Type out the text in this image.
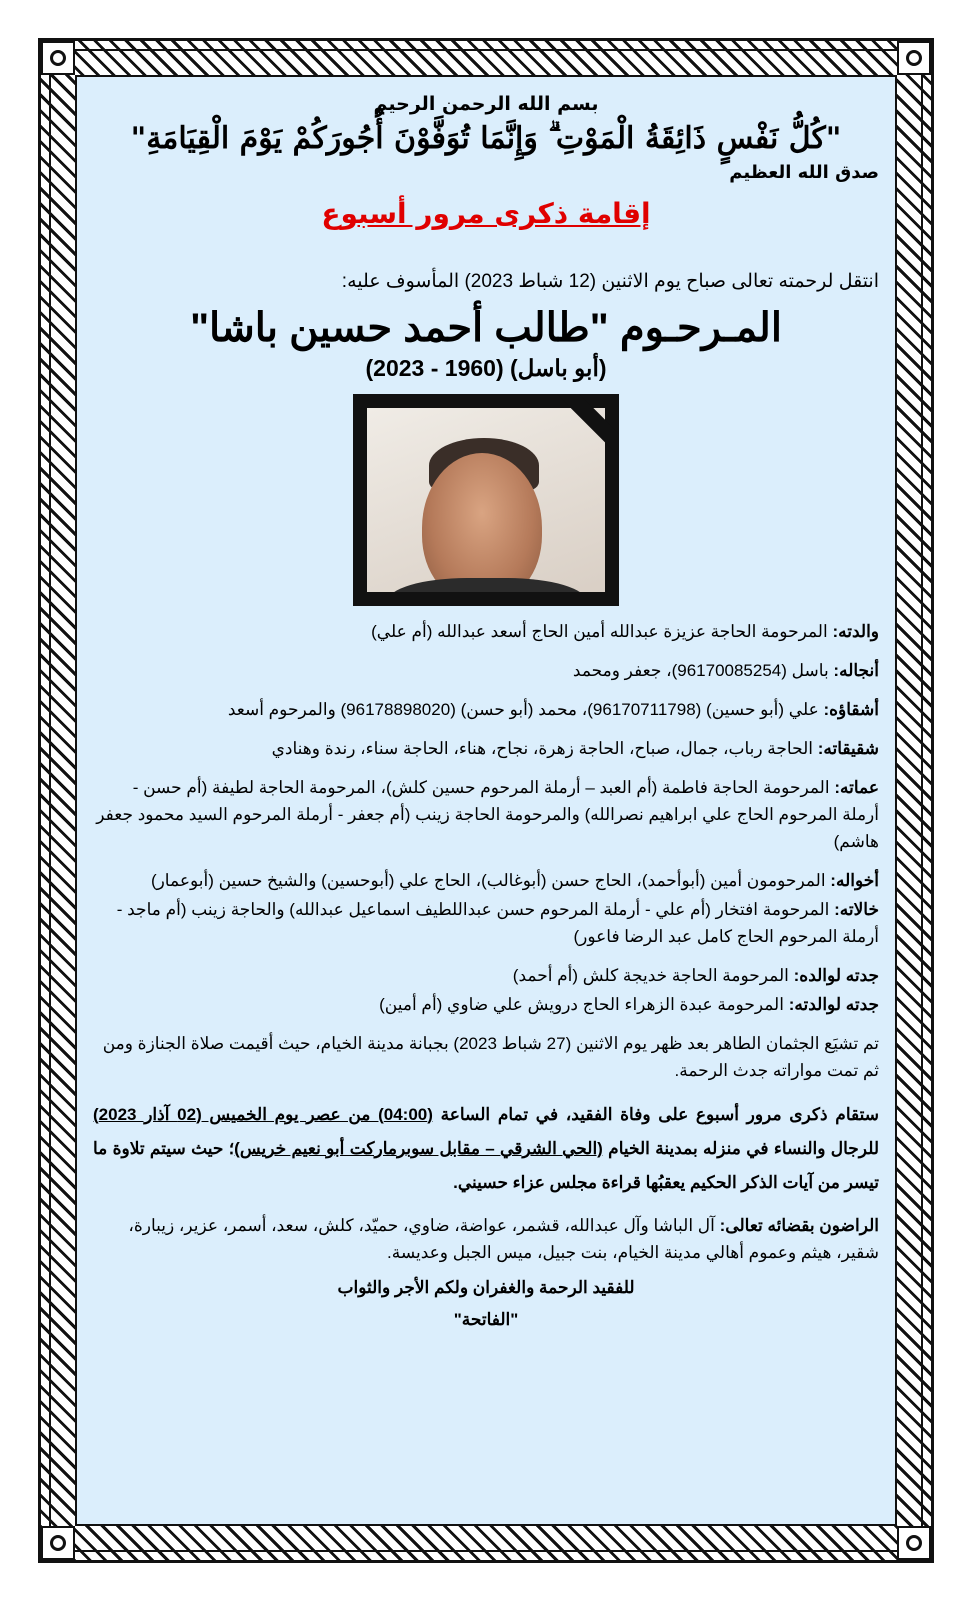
بسم الله الرحمن الرحيم
"كُلُّ نَفْسٍ ذَائِقَةُ الْمَوْتِ ۗ وَإِنَّمَا تُوَفَّوْنَ أُجُورَكُمْ يَوْمَ الْقِيَامَةِ"
صدق الله العظيم
إقامة ذكرى مرور أسبوع
انتقل لرحمته تعالى صباح يوم الاثنين (12 شباط 2023) المأسوف عليه:
المـرحـوم "طالب أحمد حسين باشا"
(أبو باسل) (1960 - 2023)
والدته: المرحومة الحاجة عزيزة عبدالله أمين الحاج أسعد عبدالله (أم علي)
أنجاله: باسل (96170085254)، جعفر ومحمد
أشقاؤه: علي (أبو حسين) (96170711798)، محمد (أبو حسن) (96178898020) والمرحوم أسعد
شقيقاته: الحاجة رباب، جمال، صباح، الحاجة زهرة، نجاح، هناء، الحاجة سناء، رندة وهنادي
عماته: المرحومة الحاجة فاطمة (أم العبد – أرملة المرحوم حسين كلش)، المرحومة الحاجة لطيفة (أم حسن - أرملة المرحوم الحاج علي ابراهيم نصرالله) والمرحومة الحاجة زينب (أم جعفر - أرملة المرحوم السيد محمود جعفر هاشم)
أخواله: المرحومون أمين (أبوأحمد)، الحاج حسن (أبوغالب)، الحاج علي (أبوحسين) والشيخ حسين (أبوعمار)
خالاته: المرحومة افتخار (أم علي - أرملة المرحوم حسن عبداللطيف اسماعيل عبدالله) والحاجة زينب (أم ماجد - أرملة المرحوم الحاج كامل عبد الرضا فاعور)
جدته لوالده: المرحومة الحاجة خديجة كلش (أم أحمد)
جدته لوالدته: المرحومة عبدة الزهراء الحاج درويش علي ضاوي (أم أمين)
تم تشيَع الجثمان الطاهر بعد ظهر يوم الاثنين (27 شباط 2023) بجبانة مدينة الخيام، حيث أقيمت صلاة الجنازة ومن ثم تمت مواراته جدث الرحمة.
ستقام ذكرى مرور أسبوع على وفاة الفقيد، في تمام الساعة (04:00) من عصر يوم الخميس (02 آذار 2023) للرجال والنساء في منزله بمدينة الخيام (الحي الشرقي – مقابل سوبرماركت أبو نعيم خريس)؛ حيث سيتم تلاوة ما تيسر من آيات الذكر الحكيم يعقبُها قراءة مجلس عزاء حسيني.
الراضون بقضائه تعالى: آل الباشا وآل عبدالله، قشمر، عواضة، ضاوي، حميّد، كلش، سعد، أسمر، عزير، زيبارة، شقير، هيثم وعموم أهالي مدينة الخيام، بنت جبيل، ميس الجبل وعديسة.
للفقيد الرحمة والغفران ولكم الأجر والثواب
"الفاتحة"
